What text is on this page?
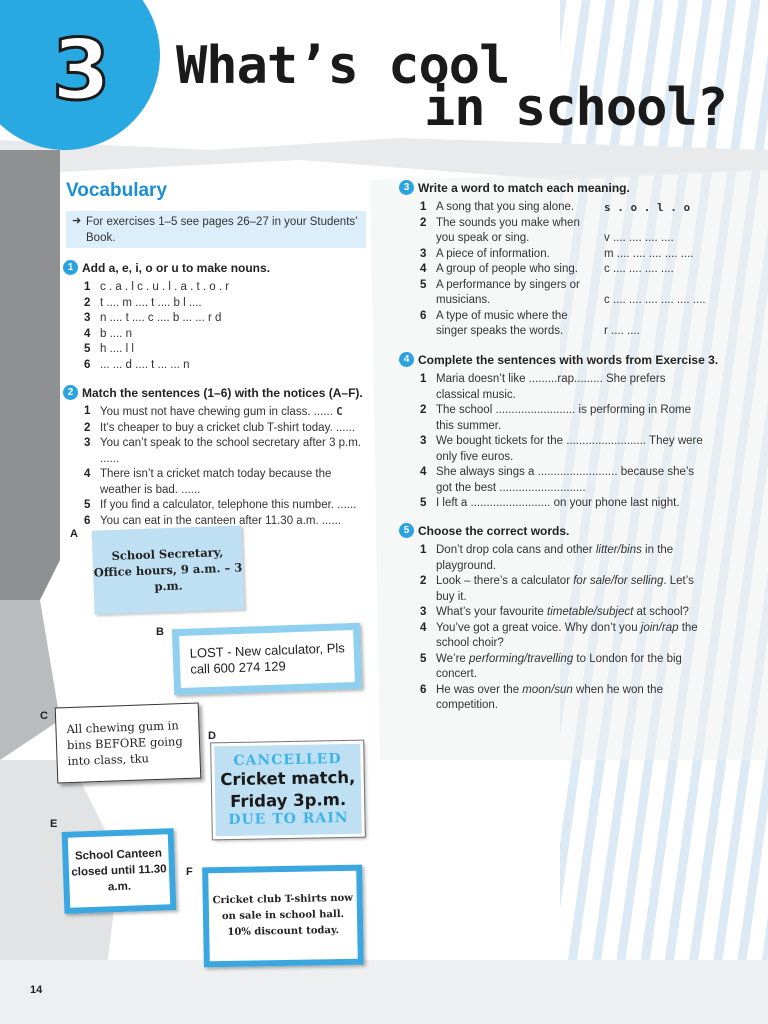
3 What’s cool
in school?
Vocabulary
➜ For exercises 1–5 see pages 26–27 in your Students’ Book.
1 Add a, e, i, o or u to make nouns.
1 c . a . l c . u . l . a . t . o . r
2 t .... m .... t .... b l ....
3 n .... t .... c .... b ... ... r d
4 b .... n
5 h .... l l
6 ... ... d .... t ... ... n
2 Match the sentences (1–6) with the notices (A–F).
1 You must not have chewing gum in class. ...... C
2 It’s cheaper to buy a cricket club T-shirt today. ......
3 You can’t speak to the school secretary after 3 p.m. ......
4 There isn’t a cricket match today because the weather is bad. ......
5 If you find a calculator, telephone this number. ......
6 You can eat in the canteen after 11.30 a.m. ......
A
School Secretary, Office hours, 9 a.m. – 3 p.m.
B
LOST - New calculator, Pls call 600 274 129
C
All chewing gum in bins BEFORE going into class, tku
D
CANCELLED
Cricket match,
Friday 3p.m.
DUE TO RAIN
E
School Canteen closed until 11.30 a.m.
F
Cricket club T-shirts now on sale in school hall. 10% discount today.
3 Write a word to match each meaning.
1 A song that you sing alone.	s . o . l . o
2 The sounds you make when you speak or sing.	v .... .... .... ....
3 A piece of information.	m .... .... .... .... ....
4 A group of people who sing. c .... .... .... ....
5 A performance by singers or musicians.	c .... .... .... .... .... ....
6 A type of music where the singer speaks the words.	r .... ....
4 Complete the sentences with words from Exercise 3.
1 Maria doesn’t like .........rap......... She prefers classical music.
2 The school ......................... is performing in Rome this summer.
3 We bought tickets for the ......................... They were only five euros.
4 She always sings a ......................... because she’s got the best ...........................
5 I left a ......................... on your phone last night.
5 Choose the correct words.
1 Don’t drop cola cans and other litter/bins in the playground.
2 Look – there’s a calculator for sale/for selling. Let’s buy it.
3 What’s your favourite timetable/subject at school?
4 You’ve got a great voice. Why don’t you join/rap the school choir?
5 We’re performing/travelling to London for the big concert.
6 He was over the moon/sun when he won the competition.
14
